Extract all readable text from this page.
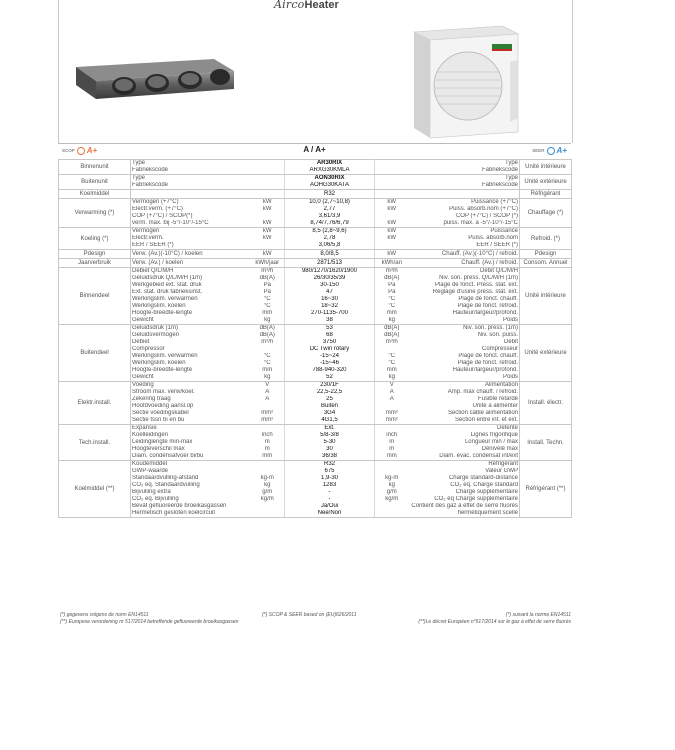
AircoHeater
SCOP A+	A / A+	SEER A+
Binnenunit	Type		AR30RIX		Type	Unité intérieure
	Fabriekscode		ARXG30KMLA		Fabriekscode	
Buitenunit	Type		AON30RIX		Type	Unité extérieure
	Fabriekscode		AOHG30KATA		Fabriekscode	
Koelmiddel			R32			Réfrigérant
Verwarming (*)	Vermogen (+7°C)	kW	10,0 (2,7~10,8)	kW	Puissance (+7°C)	Chauffage (*)
	Electr.verm. (+7°C)	kW	2,77	kW	Puiss. absorb.nom (+7°C)	
	COP (+7°C) / SCOP(*)		3,61/3,9		COP (+7°C) / SCOP (*)	
	verm. max. bij -5°/-10°/-15°C	kW	8,74/7,76/6,79	kW	puiss. max. à -5°/-10°/-15°C	
Koeling (*)	Vermogen	kW	8,5 (2,8~9,6)	kW	Puissance	Refroid. (*)
	Electr.verm.	kW	2,78	kW	Puiss. absorb.nom	
	EER / SEER (*)		3,06/5,8		EER / SEER (*)	
Pdesign	Verw. (Av.)(-10°C) / koelen	kW	8,0/8,5	kW	Chauff. (Av.)(-10°C) / refroid.	Pdesign
Jaarverbruik	Verw. (Av.) / koelen	kWh/jaar	2871/513	kWh/an	Chauff. (Av.) / refroid.	Consom. Annuel
Binnendeel	Debiet Q/L/M/H	m³/h	980/1270/1620/1900	m³/h	Débit Q/L/M/H	Unité intérieure
	Geluidsdruk Q/L/M/H (1m)	dB(A)	26/30/35/39	dB(A)	Niv. son. press. Q/L/M/H (1m)	
	Werkgebied ext. stat. druk	Pa	30-150	Pa	Plage de fonct. Press. stat. ext.	
	Ext. stat. druk fabrieksinst.	Pa	47	Pa	Réglage d'usine press. stat. ext.	
	Werkingslim. verwarmen	°C	16~30	°C	Plage de fonct. chauff.	
	Werkingslim. koelen	°C	18~32	°C	Plage de fonct. refroid.	
	Hoogte-breedte-lengte	mm	270-1135-700	mm	Hauteur/largeur/profond.	
	Gewicht	kg	38	kg	Poids	
Buitendeel	Geluidsdruk (1m)	dB(A)	53	dB(A)	Niv. son. press. (1m)	Unité extérieure
	Geluidsvermogen	dB(A)	68	dB(A)	Niv. son. puiss.	
	Debiet	m³/h	3750	m³/h	Débit	
	Compressor		DC Twin rotary		Compresseur	
	Werkingslim. verwarmen	°C	-15~24	°C	Plage de fonct. chauff.	
	Werkingslim. koelen	°C	-15~46	°C	Plage de fonct. refroid.	
	Hoogte-breedte-lengte	mm	788-940-320	mm	Hauteur/largeur/profond.	
	Gewicht	kg	52	kg	Poids	
Elektr.install.	Voeding	V	230/1F	V	Alimentation	Install. électr.
	Stroom max. verw/koel.	A	22,5-22,5	A	Amp. max chauff. / refroid.	
	Zekering traag	A	25	A	Fusible retardé	
	Hoofdvoeding aansl.op		Buiten		Unité à alimenter	
	Sectie voedingskabel	mm²	3G4	mm²	Section câble alimentation	
	Sectie tssn bi en bu	mm²	4G1,5	mm²	Section entre int. et ext.	
Tech.install.	Expansie		Ext.		Détente	Install. Techn.
	Koelleidingen	inch	5/8-3/8	inch	Lignes frigorifique	
	Leidinglengte min-max	m	5-30	m	Longueur min / max	
	Hoogteverschil max	m	30	m	Dénivelé max	
	Diam. condensafvoer bi/bu	mm	36/38	mm	Diam. évac. condensat int/ext	
Koelmiddel (**)	Koudemiddel		R32		Réfrigérant	Réfrigérant (**)
	GWP-waarde		675		Valeur GWP	
	Standaardvulling-afstand	kg-m	1,9-30	kg-m	Charge standard-distance	
	CO₂ eq. Standaardvulling	kg	1283	kg	CO₂ eq. Charge standard	
	Bijvulling extra	g/m	-	g/m	Charge supplémentaire	
	CO₂ eq. Bijvulling	kg/m	-	kg/m	CO₂ eq Charge supplémentaire	
	Bevat gefluoreerde broeikasgassen		Ja/Oui		Contient des gaz à effet de serre fluorés	
	Hermetisch gesloten koelcircuit		Nee/Non		hermétiquement scellé	
(*) gegevens volgens de norm EN14511
(**) Europese verordening nr 517/2014 betreffende gefluoreerde broeikasgassen
(*) SCOP & SEER based on (EU)626/2011	(*) suivant la norme EN14511
(**)Le décret Européen n°517/2014 sur le gaz à effet de serre fluorés
